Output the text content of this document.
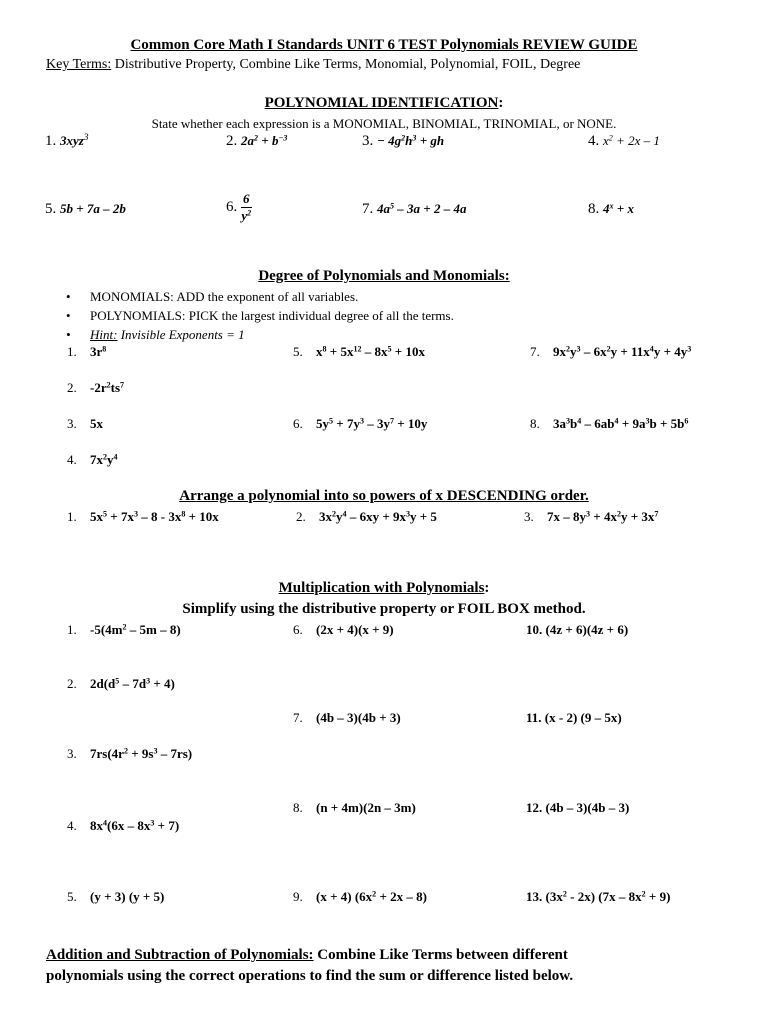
Common Core Math I Standards UNIT 6 TEST Polynomials REVIEW GUIDE
Key Terms: Distributive Property, Combine Like Terms, Monomial, Polynomial, FOIL, Degree
POLYNOMIAL IDENTIFICATION:
State whether each expression is a MONOMIAL, BINOMIAL, TRINOMIAL, or NONE.
1. 3xyz$^3$	2. $2a^2 + b^{-3}$	3. − $4g^2h^3$ + gh	4. $x^2 + 2x - 1$
5. 5b + 7a – 2b	6. $\frac{6}{y^2}$	7. $4a^5 - 3a + 2 - 4a$	8. $4^x + x$
Degree of Polynomials and Monomials:
• MONOMIALS: ADD the exponent of all variables.
• POLYNOMIALS: PICK the largest individual degree of all the terms.
• Hint: Invisible Exponents = 1
1. $3r^8$
2. $-2r^2ts^7$
3. 5x
4. $7x^2y^4$
5. $x^8 + 5x^{12} - 8x^5 + 10x$
6. $5y^5 + 7y^3 - 3y^7 + 10y$
7. $9x^2y^3 - 6x^2y + 11x^4y + 4y^3$
8. $3a^3b^4 - 6ab^4 + 9a^3b + 5b^6$
Arrange a polynomial into so powers of x DESCENDING order.
1. $5x^5 + 7x^3 - 8 - 3x^8 + 10x$	2. $3x^2y^4 - 6xy + 9x^3y + 5$	3. $7x - 8y^3 + 4x^2y + 3x^7$
Multiplication with Polynomials:
Simplify using the distributive property or FOIL BOX method.
1. $-5(4m^2 - 5m - 8)$
2. $2d(d^5 - 7d^3 + 4)$
3. $7rs(4r^2 + 9s^3 - 7rs)$
4. $8x^4(6x - 8x^3 + 7)$
5. (y + 3) (y + 5)
6. (2x + 4)(x + 9)
7. (4b – 3)(4b + 3)
8. (n + 4m)(2n – 3m)
9. (x + 4) $(6x^2 + 2x - 8)$
10. (4z + 6)(4z + 6)
11. (x - 2) (9 – 5x)
12. (4b – 3)(4b – 3)
13. $(3x^2 - 2x)$ $(7x - 8x^2 + 9)$
Addition and Subtraction of Polynomials: Combine Like Terms between different
polynomials using the correct operations to find the sum or difference listed below.
